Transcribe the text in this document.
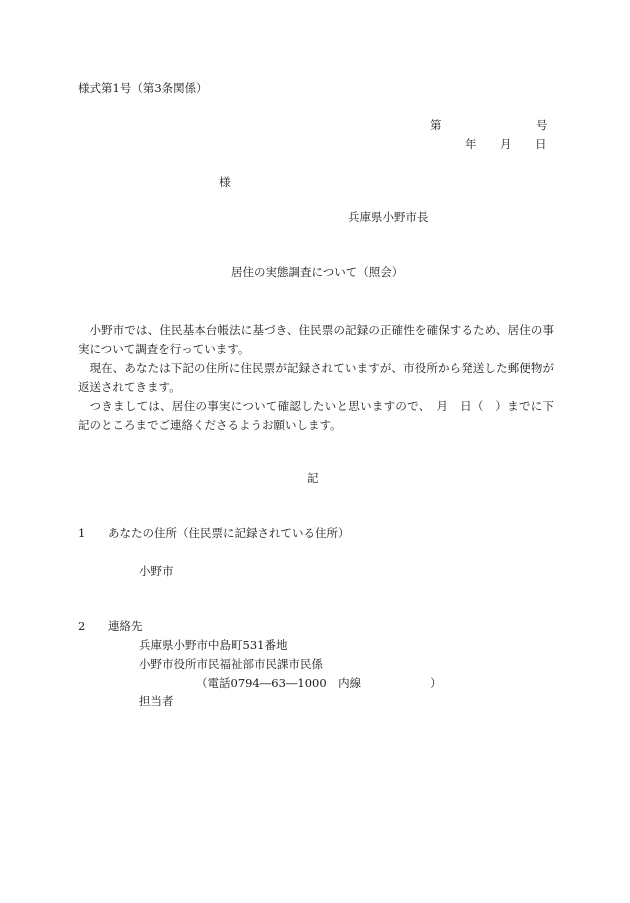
様式第1号（第3条関係）
第	号
年 月 日
様
兵庫県小野市長
居住の実態調査について（照会）

小野市では、住民基本台帳法に基づき、住民票の記録の正確性を確保するため、居住の事実について調査を行っています。

現在、あなたは下記の住所に住民票が記録されていますが、市役所から発送した郵便物が返送されてきます。

つきましては、居住の事実について確認したいと思いますので、　月　日（　）までに下記のところまでご連絡くださるようお願いします。

記
1 あなたの住所（住民票に記録されている住所）
小野市
2 連絡先
兵庫県小野市中島町531番地
小野市役所市民福祉部市民課市民係
（電話0794―63―1000　内線　　　　　　）
担当者
